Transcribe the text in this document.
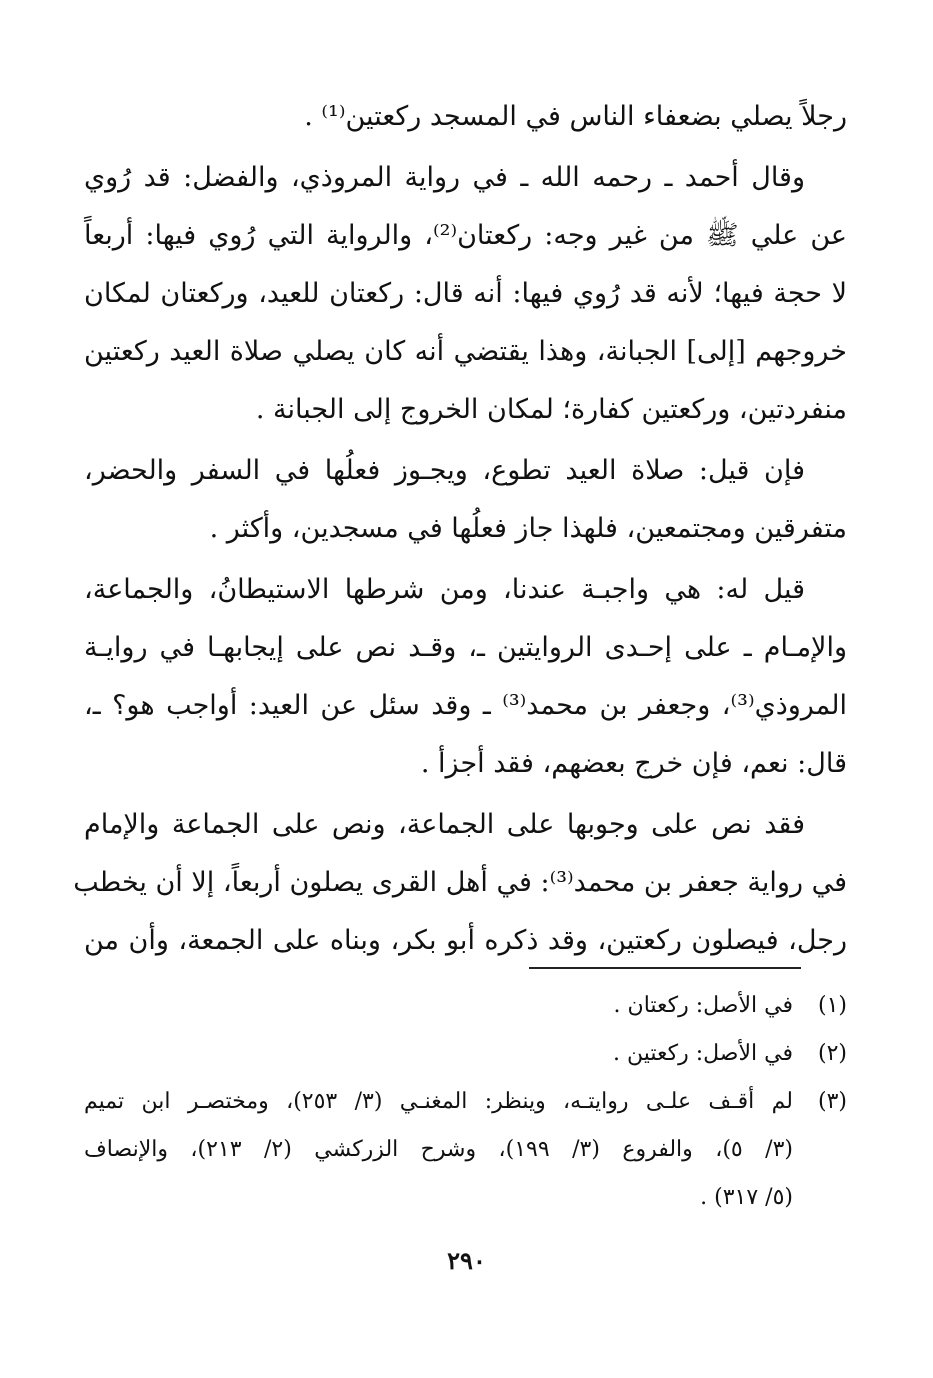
رجلاً يصلي بضعفاء الناس في المسجد ركعتين⁽¹⁾ .
وقال أحمد ـ رحمه الله ـ في رواية المروذي، والفضل: قد رُوي
عن علي ﷺ من غير وجه: ركعتان⁽²⁾، والرواية التي رُوي فيها: أربعاً
لا حجة فيها؛ لأنه قد رُوي فيها: أنه قال: ركعتان للعيد، وركعتان لمكان
خروجهم [إلى] الجبانة، وهذا يقتضي أنه كان يصلي صلاة العيد ركعتين
منفردتين، وركعتين كفارة؛ لمكان الخروج إلى الجبانة .
فإن قيل: صلاة العيد تطوع، ويجـوز فعلُها في السفر والحضر،
متفرقين ومجتمعين، فلهذا جاز فعلُها في مسجدين، وأكثر .
قيل له: هي واجبـة عندنا، ومن شرطها الاستيطانُ، والجماعة،
والإمـام ـ على إحـدى الروايتين ـ، وقـد نص على إيجابهـا في روايـة
المروذي⁽³⁾، وجعفر بن محمد⁽³⁾ ـ وقد سئل عن العيد: أواجب هو؟ ـ،
قال: نعم، فإن خرج بعضهم، فقد أجزأ .
فقد نص على وجوبها على الجماعة، ونص على الجماعة والإمام
في رواية جعفر بن محمد⁽³⁾: في أهل القرى يصلون أربعاً، إلا أن يخطب
رجل، فيصلون ركعتين، وقد ذكره أبو بكر، وبناه على الجمعة، وأن من
(١)
في الأصل: ركعتان .
(٢)
في الأصل: ركعتين .
(٣)
لم أقـف علـى روايتـه، وينظر: المغنـي (٣/ ٢٥٣)، ومختصـر ابن تميم
(٣/ ٥)، والفروع (٣/ ١٩٩)، وشرح الزركشي (٢/ ٢١٣)، والإنصاف
(٥/ ٣١٧) .
٢٩٠
